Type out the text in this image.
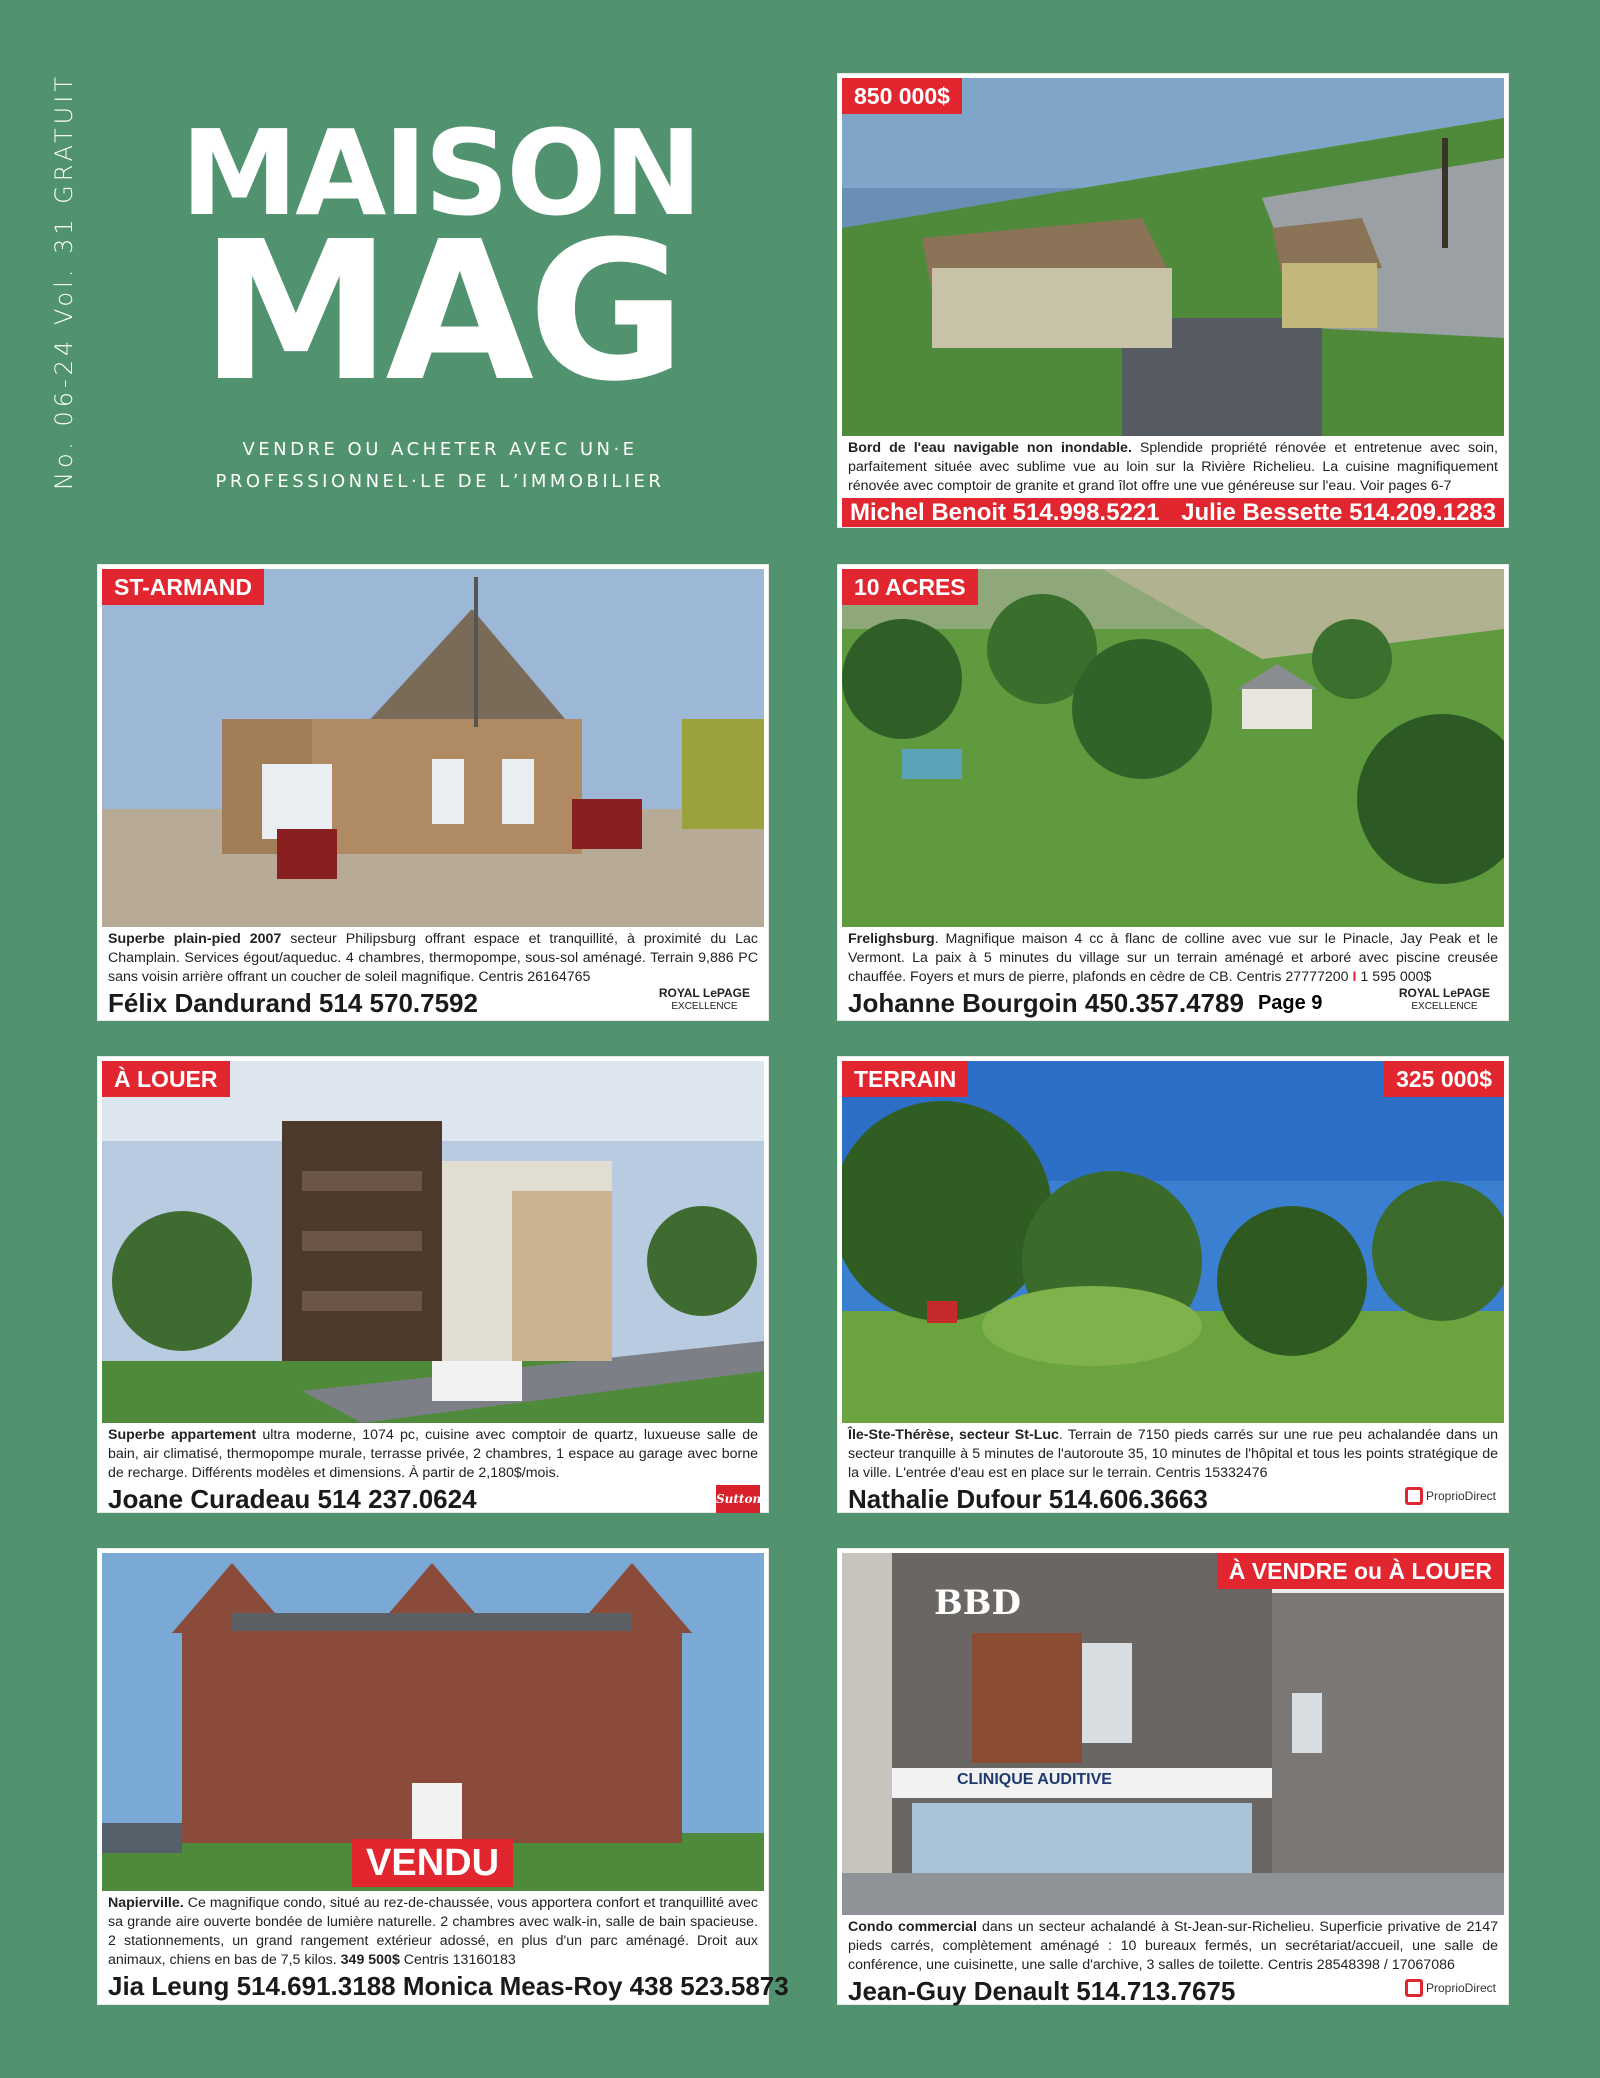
No. 06-24 Vol. 31 GRATUIT MAISON
MAG
VENDRE OU ACHETER AVEC UN·E
PROFESSIONNEL·LE DE L’IMMOBILIER
850 000$
Bord de l'eau navigable non inondable. Splendide propriété rénovée et entretenue avec soin, parfaitement située avec sublime vue au loin sur la Rivière Richelieu. La cuisine magnifiquement rénovée avec comptoir de granite et grand îlot offre une vue généreuse sur l'eau. Voir pages 6-7
Michel Benoit 514.998.5221 Julie Bessette 514.209.1283
ST-ARMAND
Superbe plain-pied 2007 secteur Philipsburg offrant espace et tranquillité, à proximité du Lac Champlain. Services égout/aqueduc. 4 chambres, thermopompe, sous-sol aménagé. Terrain 9,886 PC sans voisin arrière offrant un coucher de soleil magnifique. Centris 26164765
Félix Dandurand 514 570.7592	ROYAL LePAGE
EXCELLENCE
10 ACRES
Frelighsburg. Magnifique maison 4 cc à flanc de colline avec vue sur le Pinacle, Jay Peak et le Vermont. La paix à 5 minutes du village sur un terrain aménagé et arboré avec piscine creusée chauffée. Foyers et murs de pierre, plafonds en cèdre de CB. Centris 27777200 I 1 595 000$
Johanne Bourgoin 450.357.4789 Page 9	ROYAL LePAGE
EXCELLENCE
À LOUER
Superbe appartement ultra moderne, 1074 pc, cuisine avec comptoir de quartz, luxueuse salle de bain, air climatisé, thermopompe murale, terrasse privée, 2 chambres, 1 espace au garage avec borne de recharge. Différents modèles et dimensions. À partir de 2,180$/mois.
Joane Curadeau 514 237.0624	Sutton
TERRAIN	325 000$
Île-Ste-Thérèse, secteur St-Luc. Terrain de 7150 pieds carrés sur une rue peu achalandée dans un secteur tranquille à 5 minutes de l'autoroute 35, 10 minutes de l'hôpital et tous les points stratégique de la ville. L'entrée d'eau est en place sur le terrain. Centris 15332476
Nathalie Dufour 514.606.3663	ProprioDirect
VENDU
Napierville. Ce magnifique condo, situé au rez-de-chaussée, vous apportera confort et tranquillité avec sa grande aire ouverte bondée de lumière naturelle. 2 chambres avec walk-in, salle de bain spacieuse. 2 stationnements, un grand rangement extérieur adossé, en plus d'un parc aménagé. Droit aux animaux, chiens en bas de 7,5 kilos. 349 500$ Centris 13160183
Jia Leung 514.691.3188 Monica Meas-Roy 438 523.5873
À VENDRE ou À LOUER
BBD
CLINIQUE AUDITIVE
Condo commercial dans un secteur achalandé à St-Jean-sur-Richelieu. Superficie privative de 2147 pieds carrés, complètement aménagé : 10 bureaux fermés, un secrétariat/accueil, une salle de conférence, une cuisinette, une salle d'archive, 3 salles de toilette. Centris 28548398 / 17067086
Jean-Guy Denault 514.713.7675	ProprioDirect
